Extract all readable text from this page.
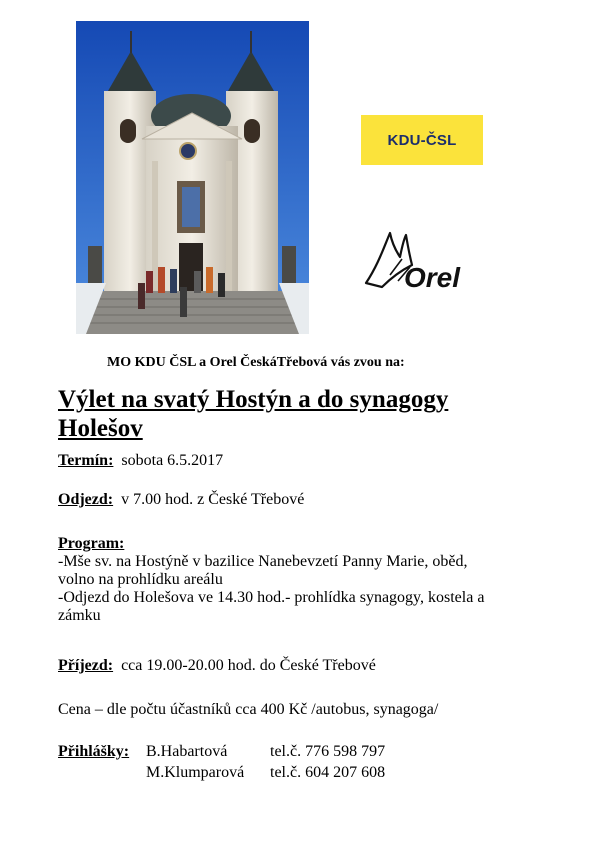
KDU-ČSL
Orel
MO KDU ČSL a Orel ČeskáTřebová vás zvou na:
Výlet na svatý Hostýn a do synagogy Holešov
Termín: sobota 6.5.2017
Odjezd: v 7.00 hod. z České Třebové
Program:
-Mše sv. na Hostýně v bazilice Nanebevzetí Panny Marie, oběd,
volno na prohlídku areálu
-Odjezd do Holešova ve 14.30 hod.- prohlídka synagogy, kostela a
zámku
Příjezd: cca 19.00-20.00 hod. do České Třebové
Cena – dle počtu účastníků cca 400 Kč /autobus, synagoga/
Přihlášky:	B.Habartová	tel.č. 776 598 797
	M.Klumparová	tel.č. 604 207 608
